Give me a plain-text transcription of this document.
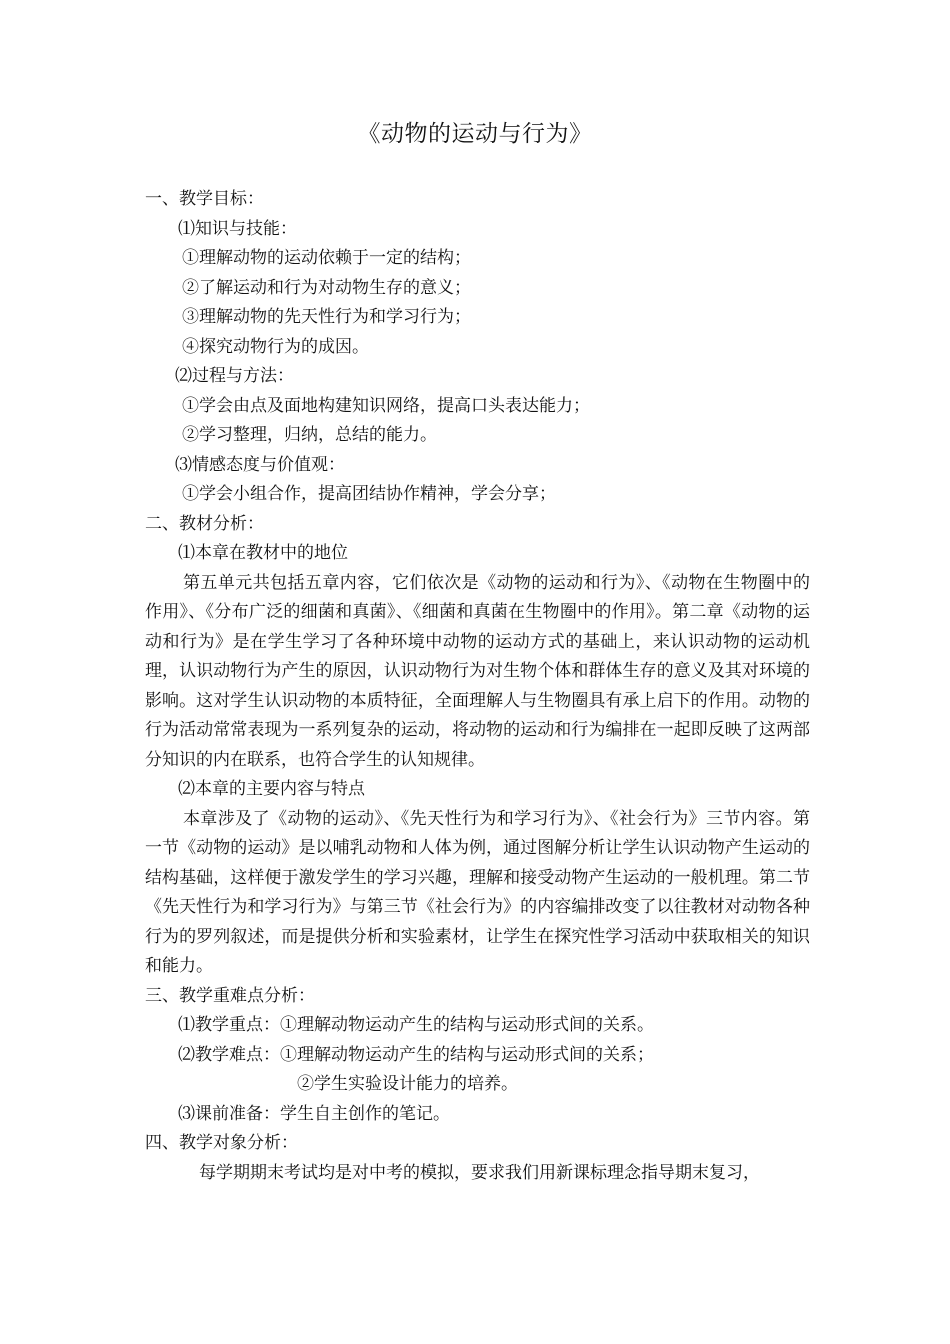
《动物的运动与行为》
一、教学目标：
⑴知识与技能：
①理解动物的运动依赖于一定的结构；
②了解运动和行为对动物生存的意义；
③理解动物的先天性行为和学习行为；
④探究动物行为的成因。
⑵过程与方法：
①学会由点及面地构建知识网络，提高口头表达能力；
②学习整理，归纳，总结的能力。
⑶情感态度与价值观：
①学会小组合作，提高团结协作精神，学会分享；
二、教材分析：
⑴本章在教材中的地位

第五单元共包括五章内容，它们依次是《动物的运动和行为》、《动物在生物圈中的作用》、《分布广泛的细菌和真菌》、《细菌和真菌在生物圈中的作用》。第二章《动物的运动和行为》是在学生学习了各种环境中动物的运动方式的基础上，来认识动物的运动机理，认识动物行为产生的原因，认识动物行为对生物个体和群体生存的意义及其对环境的影响。这对学生认识动物的本质特征，全面理解人与生物圈具有承上启下的作用。动物的行为活动常常表现为一系列复杂的运动，将动物的运动和行为编排在一起即反映了这两部分知识的内在联系，也符合学生的认知规律。

⑵本章的主要内容与特点

本章涉及了《动物的运动》、《先天性行为和学习行为》、《社会行为》三节内容。第一节《动物的运动》是以哺乳动物和人体为例，通过图解分析让学生认识动物产生运动的结构基础，这样便于激发学生的学习兴趣，理解和接受动物产生运动的一般机理。第二节《先天性行为和学习行为》与第三节《社会行为》的内容编排改变了以往教材对动物各种行为的罗列叙述，而是提供分析和实验素材，让学生在探究性学习活动中获取相关的知识和能力。

三、教学重难点分析：
⑴教学重点：①理解动物运动产生的结构与运动形式间的关系。
⑵教学难点：①理解动物运动产生的结构与运动形式间的关系；
②学生实验设计能力的培养。
⑶课前准备：学生自主创作的笔记。
四、教学对象分析：
每学期期末考试均是对中考的模拟，要求我们用新课标理念指导期末复习，
